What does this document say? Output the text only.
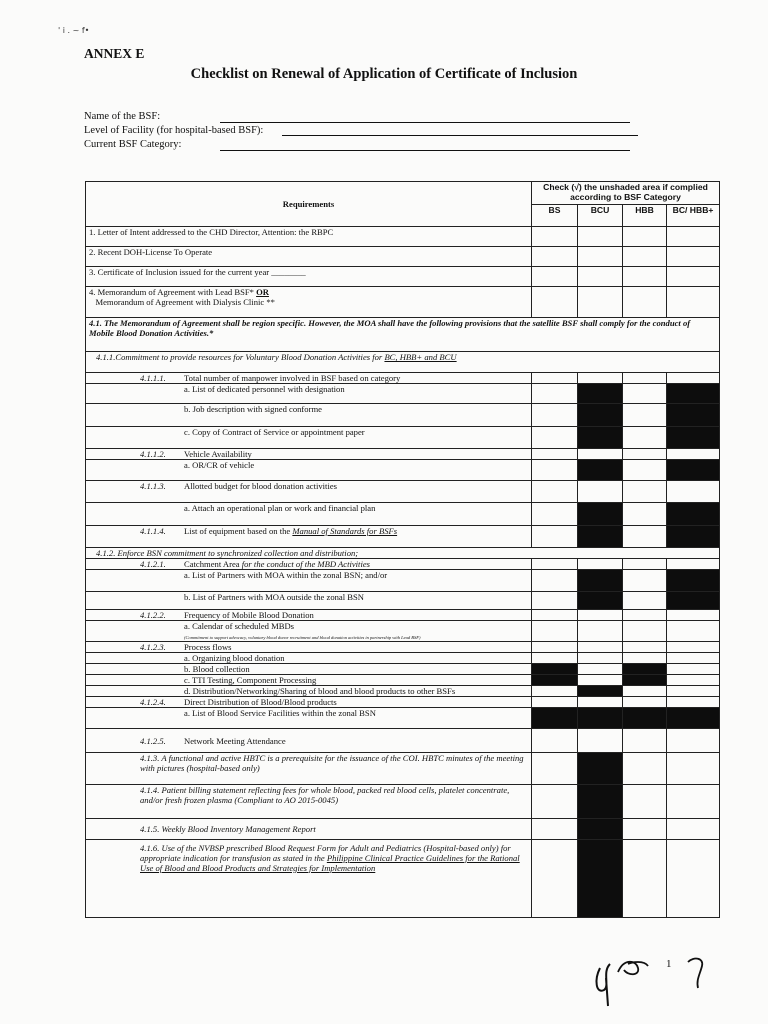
' i . ~ f•
ANNEX E
Checklist on Renewal of Application of Certificate of Inclusion
Name of the BSF:
Level of Facility (for hospital-based BSF):
Current BSF Category:
Requirements	Check (√) the unshaded area if complied according to BSF Category			
	BS	BCU	HBB	BC/ HBB+
1. Letter of Intent addressed to the CHD Director, Attention: the RBPC				
2. Recent DOH-License To Operate				
3. Certificate of Inclusion issued for the current year ________				
4. Memorandum of Agreement with Lead BSF* OR
Memorandum of Agreement with Dialysis Clinic **				
4.1. The Memorandum of Agreement shall be region specific. However, the MOA shall have the following provisions that the satellite BSF shall comply for the conduct of Mobile Blood Donation Activities.*				
4.1.1.Commitment to provide resources for Voluntary Blood Donation Activities for BC, HBB+ and BCU				
4.1.1.1. Total number of manpower involved in BSF based on category				
a. List of dedicated personnel with designation				
b. Job description with signed conforme				
c. Copy of Contract of Service or appointment paper				
4.1.1.2. Vehicle Availability				
a. OR/CR of vehicle				
4.1.1.3. Allotted budget for blood donation activities				
a. Attach an operational plan or work and financial plan				
4.1.1.4. List of equipment based on the Manual of Standards for BSFs				
4.1.2. Enforce BSN commitment to synchronized collection and distribution;				
4.1.2.1. Catchment Area for the conduct of the MBD Activities				
a. List of Partners with MOA within the zonal BSN; and/or				
b. List of Partners with MOA outside the zonal BSN				
4.1.2.2. Frequency of Mobile Blood Donation				
a. Calendar of scheduled MBDs
(Commitment to support advocacy, voluntary blood donor recruitment and blood donation activities in partnership with Lead BSF)				
4.1.2.3. Process flows				
a. Organizing blood donation				
b. Blood collection				
c. TTI Testing, Component Processing				
d. Distribution/Networking/Sharing of blood and blood products to other BSFs				
4.1.2.4. Direct Distribution of Blood/Blood products				
a. List of Blood Service Facilities within the zonal BSN				
4.1.2.5. Network Meeting Attendance				
4.1.3. A functional and active HBTC is a prerequisite for the issuance of the COI. HBTC minutes of the meeting with pictures (hospital-based only)				
4.1.4. Patient billing statement reflecting fees for whole blood, packed red blood cells, platelet concentrate, and/or fresh frozen plasma (Compliant to AO 2015-0045)				
4.1.5. Weekly Blood Inventory Management Report				
4.1.6. Use of the NVBSP prescribed Blood Request Form for Adult and Pediatrics (Hospital-based only) for appropriate indication for transfusion as stated in the Philippine Clinical Practice Guidelines for the Rational Use of Blood and Blood Products and Strategies for Implementation				
1
